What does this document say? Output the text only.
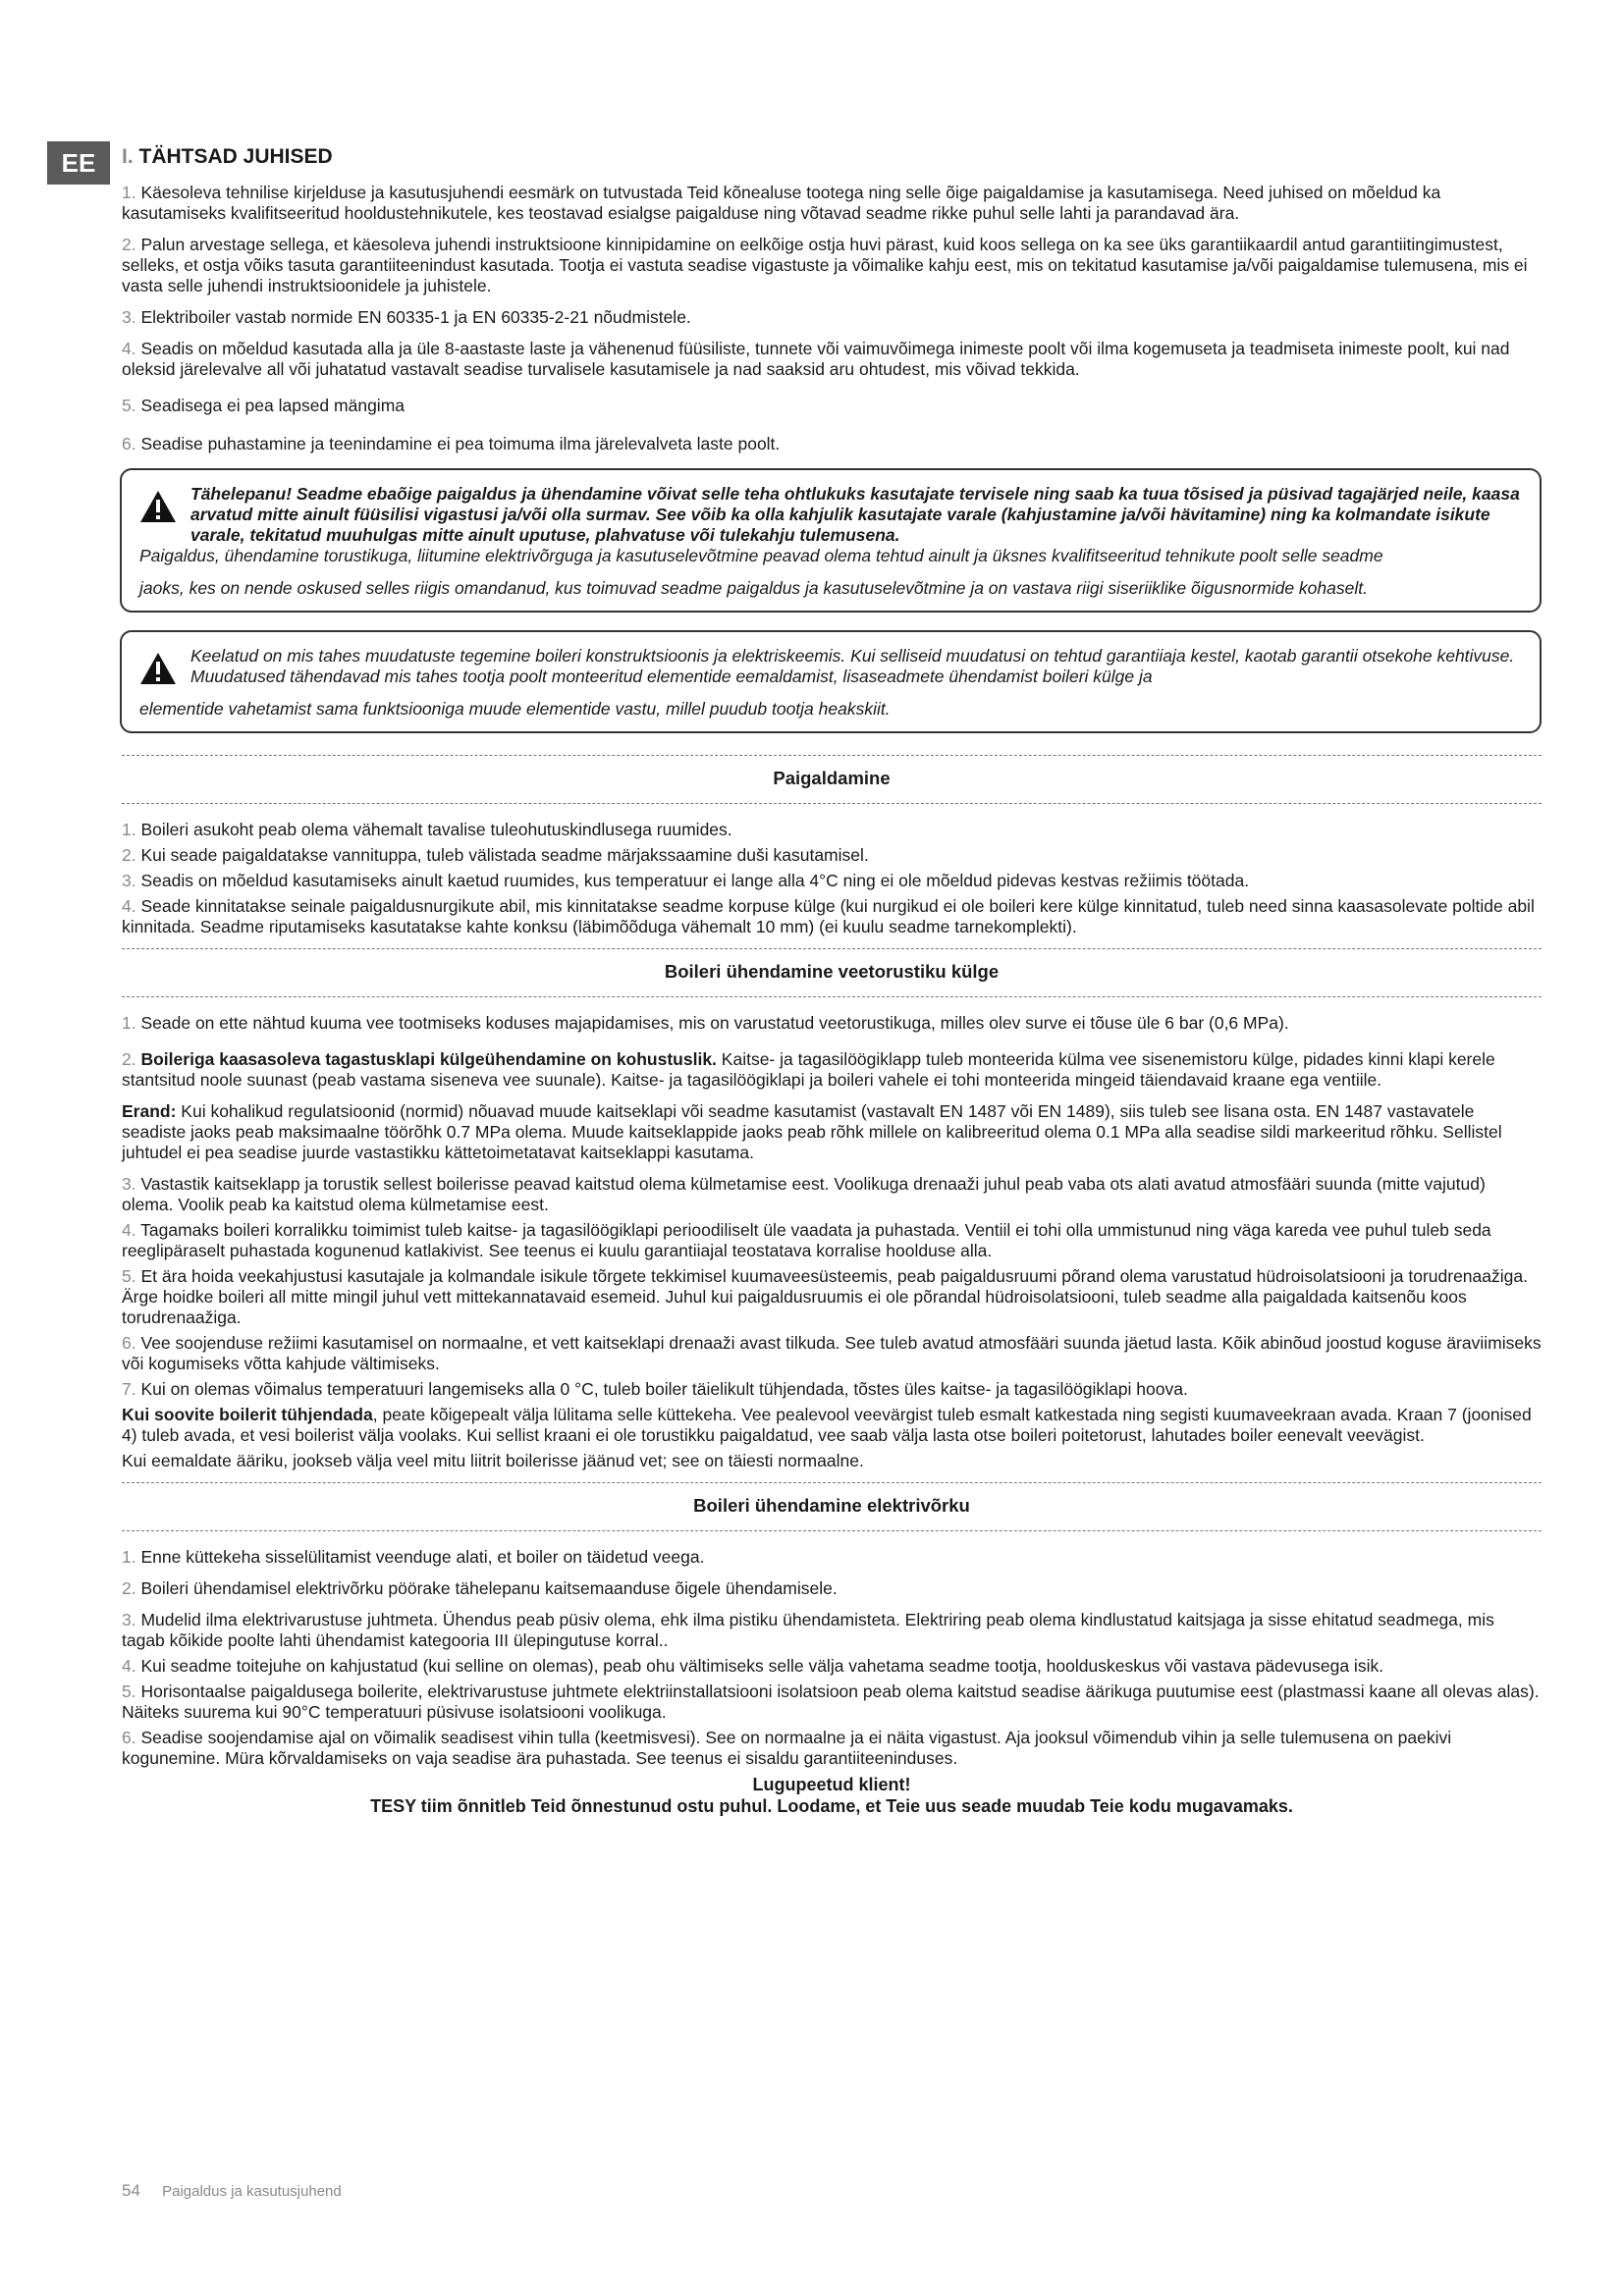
EE	I. TÄHTSAD JUHISED
1. Käesoleva tehnilise kirjelduse ja kasutusjuhendi eesmärk on tutvustada Teid kõnealuse tootega ning selle õige paigaldamise ja kasutamisega. Need juhised on mõeldud ka kasutamiseks kvalifitseeritud hooldustehnikutele, kes teostavad esialgse paigalduse ning võtavad seadme rikke puhul selle lahti ja parandavad ära.
2. Palun arvestage sellega, et käesoleva juhendi instruktsioone kinnipidamine on eelkõige ostja huvi pärast, kuid koos sellega on ka see üks garantiikaardil antud garantiitingimustest, selleks, et ostja võiks tasuta garantiiteenindust kasutada. Tootja ei vastuta seadise vigastuste ja võimalike kahju eest, mis on tekitatud kasutamise ja/või paigaldamise tulemusena, mis ei vasta selle juhendi instruktsioonidele ja juhistele.
3. Elektriboiler vastab normide EN 60335-1 ja EN 60335-2-21 nõudmistele.
4. Seadis on mõeldud kasutada alla ja üle 8-aastaste laste ja vähenenud füüsiliste, tunnete või vaimuvõimega inimeste poolt või ilma kogemuseta ja teadmiseta inimeste poolt, kui nad oleksid järelevalve all või juhatatud vastavalt seadise turvalisele kasutamisele ja nad saaksid aru ohtudest, mis võivad tekkida.
5. Seadisega ei pea lapsed mängima
6. Seadise puhastamine ja teenindamine ei pea toimuma ilma järelevalveta laste poolt.
Tähelepanu! Seadme ebaõige paigaldus ja ühendamine võivat selle teha ohtlukuks kasutajate tervisele ning saab ka tuua tõsised ja püsivad tagajärjed neile, kaasa arvatud mitte ainult füüsilisi vigastusi ja/või olla surmav. See võib ka olla kahjulik kasutajate varale (kahjustamine ja/või hävitamine) ning ka kolmandate isikute varale, tekitatud muuhulgas mitte ainult uputuse, plahvatuse või tulekahju tulemusena.
Paigaldus, ühendamine torustikuga, liitumine elektrivõrguga ja kasutuselevõtmine peavad olema tehtud ainult ja üksnes kvalifitseeritud tehnikute poolt selle seadme
jaoks, kes on nende oskused selles riigis omandanud, kus toimuvad seadme paigaldus ja kasutuselevõtmine ja on vastava riigi siseriiklike õigusnormide kohaselt.
Keelatud on mis tahes muudatuste tegemine boileri konstruktsioonis ja elektriskeemis. Kui selliseid muudatusi on tehtud garantiiaja kestel, kaotab garantii otsekohe kehtivuse. Muudatused tähendavad mis tahes tootja poolt monteeritud elementide eemaldamist, lisaseadmete ühendamist boileri külge ja
elementide vahetamist sama funktsiooniga muude elementide vastu, millel puudub tootja heakskiit.
Paigaldamine
1. Boileri asukoht peab olema vähemalt tavalise tuleohutuskindlusega ruumides.
2. Kui seade paigaldatakse vannituppa, tuleb välistada seadme märjakssaamine duši kasutamisel.
3. Seadis on mõeldud kasutamiseks ainult kaetud ruumides, kus temperatuur ei lange alla 4°C ning ei ole mõeldud pidevas kestvas režiimis töötada.
4. Seade kinnitatakse seinale paigaldusnurgikute abil, mis kinnitatakse seadme korpuse külge (kui nurgikud ei ole boileri kere külge kinnitatud, tuleb need sinna kaasasolevate poltide abil kinnitada. Seadme riputamiseks kasutatakse kahte konksu (läbimõõduga vähemalt 10 mm) (ei kuulu seadme tarnekomplekti).
Boileri ühendamine veetorustiku külge
1. Seade on ette nähtud kuuma vee tootmiseks koduses majapidamises, mis on varustatud veetorustikuga, milles olev surve ei tõuse üle 6 bar (0,6 MPa).
2. Boileriga kaasasoleva tagastusklapi külgeühendamine on kohustuslik. Kaitse- ja tagasilöögiklapp tuleb monteerida külma vee sisenemistoru külge, pidades kinni klapi kerele stantsitud noole suunast (peab vastama siseneva vee suunale). Kaitse- ja tagasilöögiklapi ja boileri vahele ei tohi monteerida mingeid täiendavaid kraane ega ventiile.
Erand: Kui kohalikud regulatsioonid (normid) nõuavad muude kaitseklapi või seadme kasutamist (vastavalt EN 1487 või EN 1489), siis tuleb see lisana osta. EN 1487 vastavatele seadiste jaoks peab maksimaalne töörõhk 0.7 MPa olema. Muude kaitseklappide jaoks peab rõhk millele on kalibreeritud olema 0.1 MPa alla seadise sildi markeeritud rõhku. Sellistel juhtudel ei pea seadise juurde vastastikku kättetoimetatavat kaitseklappi kasutama.
3. Vastastik kaitseklapp ja torustik sellest boilerisse peavad kaitstud olema külmetamise eest. Voolikuga drenaaži juhul peab vaba ots alati avatud atmosfääri suunda (mitte vajutud) olema. Voolik peab ka kaitstud olema külmetamise eest.
4. Tagamaks boileri korralikku toimimist tuleb kaitse- ja tagasilöögiklapi perioodiliselt üle vaadata ja puhastada. Ventiil ei tohi olla ummistunud ning väga kareda vee puhul tuleb seda reeglipäraselt puhastada kogunenud katlakivist. See teenus ei kuulu garantiiajal teostatava korralise hoolduse alla.
5. Et ära hoida veekahjustusi kasutajale ja kolmandale isikule tõrgete tekkimisel kuumaveesüsteemis, peab paigaldusruumi põrand olema varustatud hüdroisolatsiooni ja torudrenaažiga. Ärge hoidke boileri all mitte mingil juhul vett mittekannatavaid esemeid. Juhul kui paigaldusruumis ei ole põrandal hüdroisolatsiooni, tuleb seadme alla paigaldada kaitsenõu koos torudrenaažiga.
6. Vee soojenduse režiimi kasutamisel on normaalne, et vett kaitseklapi drenaaži avast tilkuda. See tuleb avatud atmosfääri suunda jäetud lasta. Kõik abinõud joostud koguse äraviimiseks või kogumiseks võtta kahjude vältimiseks.
7. Kui on olemas võimalus temperatuuri langemiseks alla 0 °C, tuleb boiler täielikult tühjendada, tõstes üles kaitse- ja tagasilöögiklapi hoova.
Kui soovite boilerit tühjendada, peate kõigepealt välja lülitama selle küttekeha. Vee pealevool veevärgist tuleb esmalt katkestada ning segisti kuumaveekraan avada. Kraan 7 (joonised 4) tuleb avada, et vesi boilerist välja voolaks. Kui sellist kraani ei ole torustikku paigaldatud, vee saab välja lasta otse boileri poitetorust, lahutades boiler eenevalt veevägist.
Kui eemaldate ääriku, jookseb välja veel mitu liitrit boilerisse jäänud vet; see on täiesti normaalne.
Boileri ühendamine elektrivõrku
1. Enne küttekeha sisselülitamist veenduge alati, et boiler on täidetud veega.
2. Boileri ühendamisel elektrivõrku pöörake tähelepanu kaitsemaanduse õigele ühendamisele.
3. Mudelid ilma elektrivarustuse juhtmeta. Ühendus peab püsiv olema, ehk ilma pistiku ühendamisteta. Elektriring peab olema kindlustatud kaitsjaga ja sisse ehitatud seadmega, mis tagab kõikide poolte lahti ühendamist kategooria III ülepingutuse korral..
4. Kui seadme toitejuhe on kahjustatud (kui selline on olemas), peab ohu vältimiseks selle välja vahetama seadme tootja, hoolduskeskus või vastava pädevusega isik.
5. Horisontaalse paigaldusega boilerite, elektrivarustuse juhtmete elektriinstallatsiooni isolatsioon peab olema kaitstud seadise äärikuga puutumise eest (plastmassi kaane all olevas alas). Näiteks suurema kui 90°C temperatuuri püsivuse isolatsiooni voolikuga.
6. Seadise soojendamise ajal on võimalik seadisest vihin tulla (keetmisvesi). See on normaalne ja ei näita vigastust. Aja jooksul võimendub vihin ja selle tulemusena on paekivi kogunemine. Müra kõrvaldamiseks on vaja seadise ära puhastada. See teenus ei sisaldu garantiiteeninduses.
Lugupeetud klient!
TESY tiim õnnitleb Teid õnnestunud ostu puhul. Loodame, et Teie uus seade muudab Teie kodu mugavamaks.
54 Paigaldus ja kasutusjuhend
